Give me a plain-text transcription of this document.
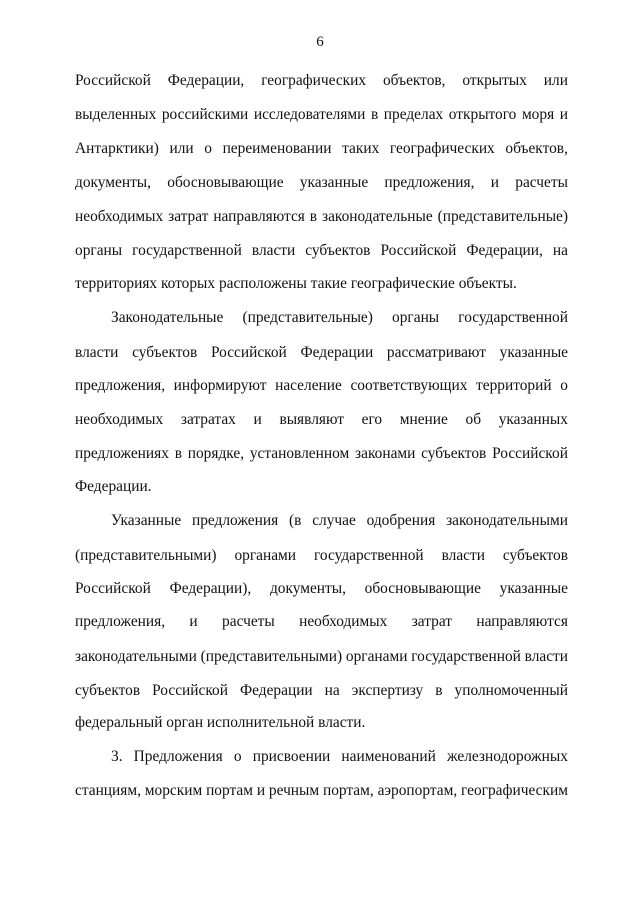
6
Российской Федерации, географических объектов, открытых или
выделенных российскими исследователями в пределах открытого моря и
Антарктики) или о переименовании таких географических объектов,
документы, обосновывающие указанные предложения, и расчеты
необходимых затрат направляются в законодательные (представительные)
органы государственной власти субъектов Российской Федерации, на
территориях которых расположены такие географические объекты.
Законодательные (представительные) органы государственной
власти субъектов Российской Федерации рассматривают указанные
предложения, информируют население соответствующих территорий о
необходимых затратах и выявляют его мнение об указанных
предложениях в порядке, установленном законами субъектов Российской
Федерации.
Указанные предложения (в случае одобрения законодательными
(представительными) органами государственной власти субъектов
Российской Федерации), документы, обосновывающие указанные
предложения, и расчеты необходимых затрат направляются
законодательными (представительными) органами государственной власти
субъектов Российской Федерации на экспертизу в уполномоченный
федеральный орган исполнительной власти.
3. Предложения о присвоении наименований железнодорожных
станциям, морским портам и речным портам, аэропортам, географическим
